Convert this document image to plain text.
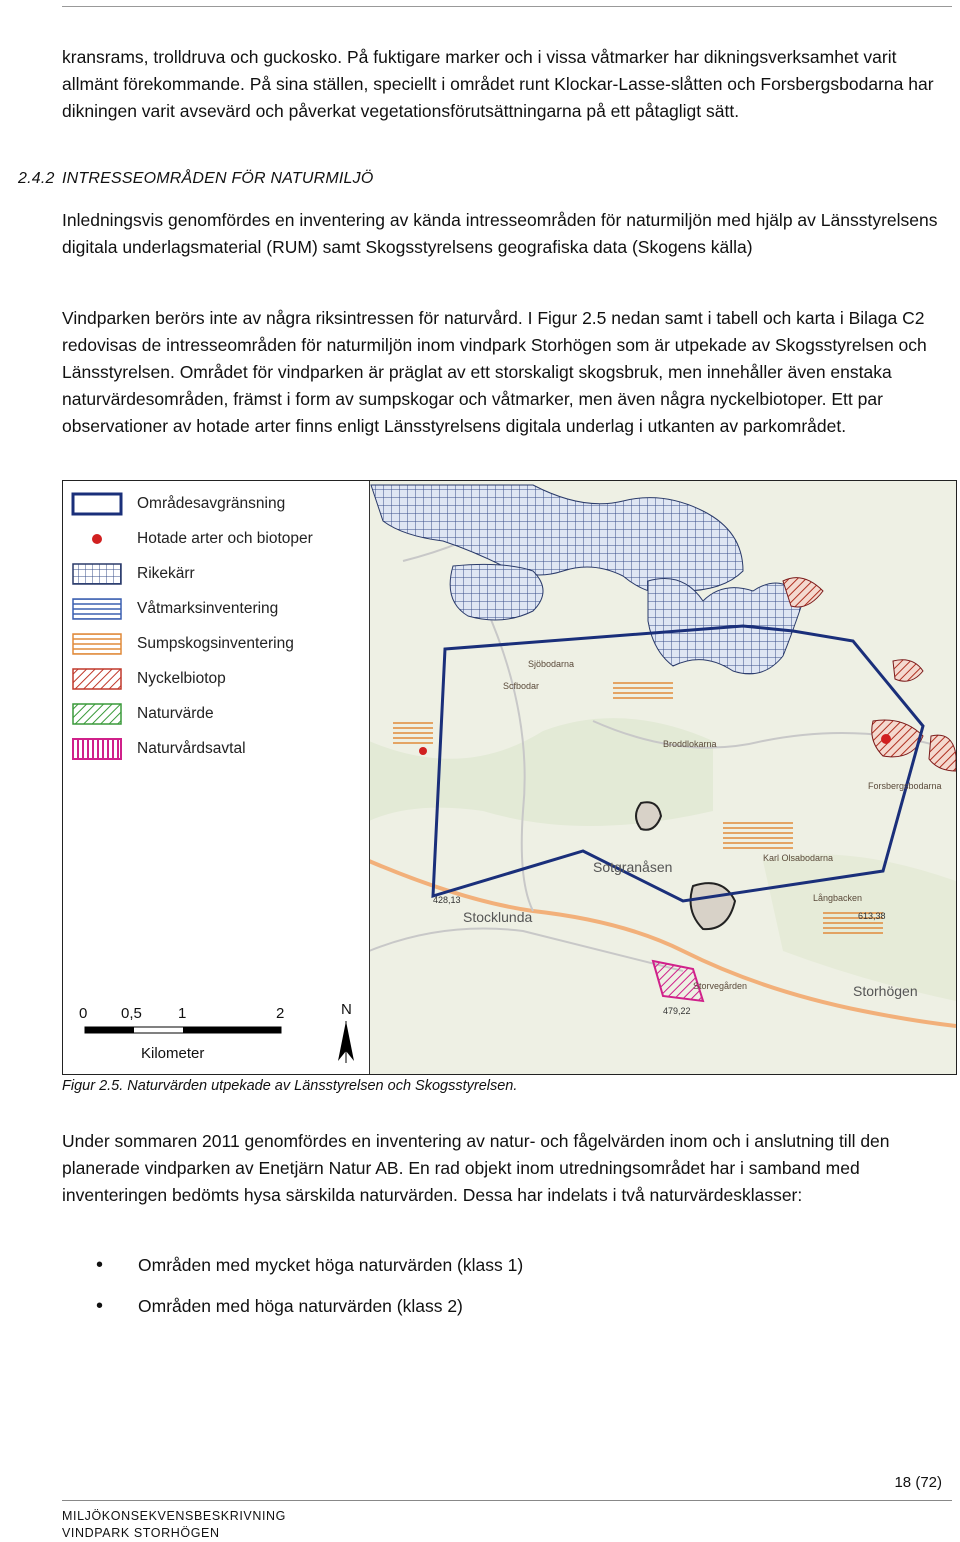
kransrams, trolldruva och guckosko. På fuktigare marker och i vissa våtmarker har dikningsverksamhet varit allmänt förekommande. På sina ställen, speciellt i området runt Klockar-Lasse-slåtten och Forsbergsbodarna har dikningen varit avsevärd och påverkat vegetationsförutsättningarna på ett påtagligt sätt.

2.4.2 INTRESSEOMRÅDEN FÖR NATURMILJÖ

Inledningsvis genomfördes en inventering av kända intresseområden för naturmiljön med hjälp av Länsstyrelsens digitala underlagsmaterial (RUM) samt Skogsstyrelsens geografiska data (Skogens källa)

Vindparken berörs inte av några riksintressen för naturvård. I Figur 2.5 nedan samt i tabell och karta i Bilaga C2 redovisas de intresseområden för naturmiljön inom vindpark Storhögen som är utpekade av Skogsstyrelsen och Länsstyrelsen. Området för vindparken är präglat av ett storskaligt skogsbruk, men innehåller även enstaka naturvärdesområden, främst i form av sumpskogar och våtmarker, men även några nyckelbiotoper. Ett par observationer av hotade arter finns enligt Länsstyrelsens digitala underlag i utkanten av parkområdet.

Områdesavgränsning
Hotade arter och biotoper
Rikekärr
Våtmarksinventering
Sumpskogsinventering
Nyckelbiotop
Naturvärde
Naturvårdsavtal
0 0,5 1	2
Kilometer
N
Sjöbodarna
Scfbodar
Broddlokarna
Karl Olsabodarna
Forsbergsbodarna
Sotgranåsen
Stocklunda
Långbacken
Storhögen
Storvegården
428,13
613,38
479,22

Figur 2.5. Naturvärden utpekade av Länsstyrelsen och Skogsstyrelsen.

Under sommaren 2011 genomfördes en inventering av natur- och fågelvärden inom och i anslutning till den planerade vindparken av Enetjärn Natur AB. En rad objekt inom utredningsområdet har i samband med inventeringen bedömts hysa särskilda naturvärden. Dessa har indelats i två naturvärdesklasser:

• Områden med mycket höga naturvärden (klass 1)
• Områden med höga naturvärden (klass 2)

18 (72)

MILJÖKONSEKVENSBESKRIVNING
VINDPARK STORHÖGEN
